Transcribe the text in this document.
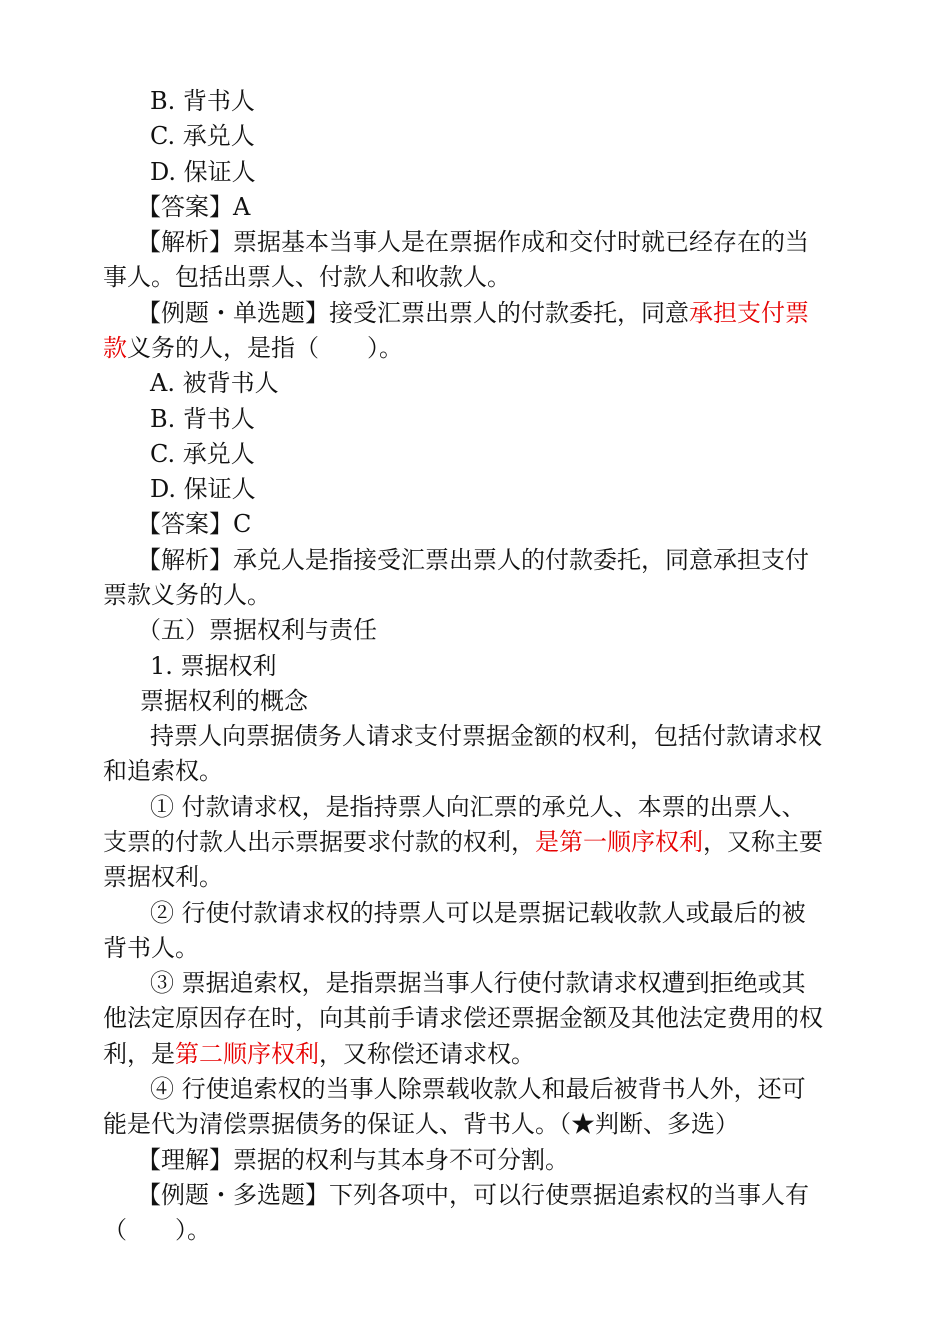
B. 背书人
C. 承兑人
D. 保证人
【答案】A
【解析】票据基本当事人是在票据作成和交付时就已经存在的当
事人。包括出票人、付款人和收款人。
【例题・单选题】接受汇票出票人的付款委托，同意承担支付票
款义务的人，是指（　　）。
A. 被背书人
B. 背书人
C. 承兑人
D. 保证人
【答案】C
【解析】承兑人是指接受汇票出票人的付款委托，同意承担支付
票款义务的人。
（五）票据权利与责任
1. 票据权利
票据权利的概念
持票人向票据债务人请求支付票据金额的权利，包括付款请求权
和追索权。
① 付款请求权，是指持票人向汇票的承兑人、本票的出票人、
支票的付款人出示票据要求付款的权利，是第一顺序权利，又称主要
票据权利。
② 行使付款请求权的持票人可以是票据记载收款人或最后的被
背书人。
③ 票据追索权，是指票据当事人行使付款请求权遭到拒绝或其
他法定原因存在时，向其前手请求偿还票据金额及其他法定费用的权
利，是第二顺序权利，又称偿还请求权。
④ 行使追索权的当事人除票载收款人和最后被背书人外，还可
能是代为清偿票据债务的保证人、背书人。（★判断、多选）
【理解】票据的权利与其本身不可分割。
【例题・多选题】下列各项中，可以行使票据追索权的当事人有
（　　）。
